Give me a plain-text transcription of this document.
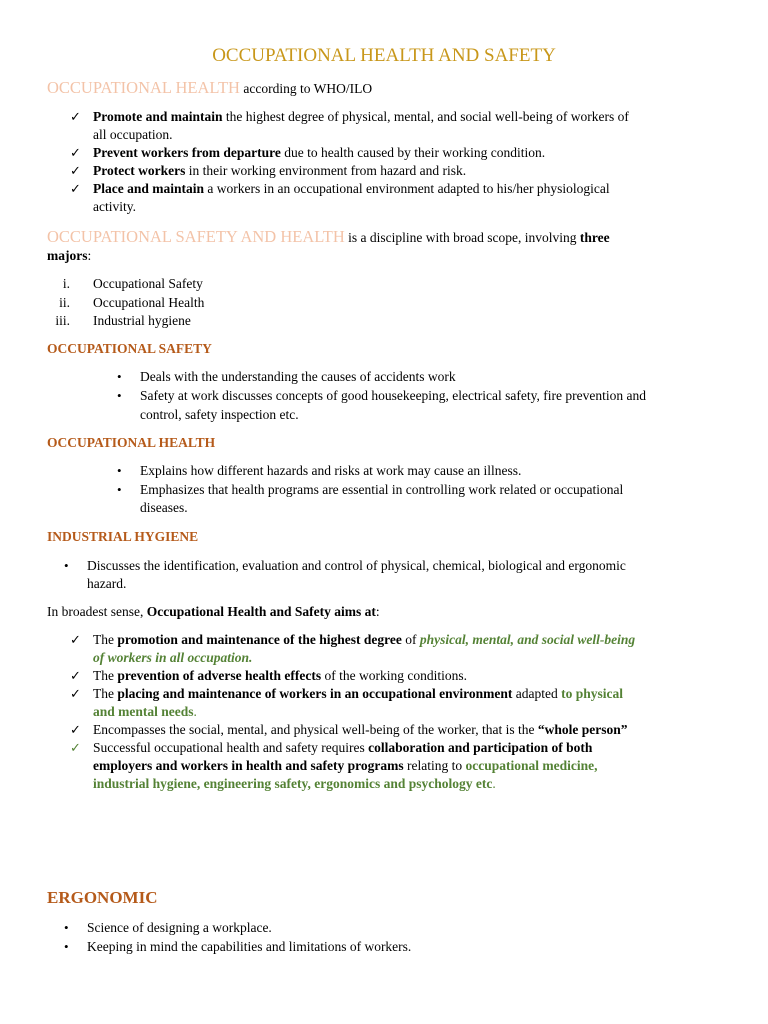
OCCUPATIONAL HEALTH AND SAFETY
OCCUPATIONAL HEALTH according to WHO/ILO
✓ Promote and maintain the highest degree of physical, mental, and social well-being of workers of
all occupation.
✓ Prevent workers from departure due to health caused by their working condition.
✓ Protect workers in their working environment from hazard and risk.
✓ Place and maintain a workers in an occupational environment adapted to his/her physiological
activity.
OCCUPATIONAL SAFETY AND HEALTH is a discipline with broad scope, involving three
majors:
i. Occupational Safety
ii. Occupational Health
iii. Industrial hygiene
OCCUPATIONAL SAFETY
• Deals with the understanding the causes of accidents work
• Safety at work discusses concepts of good housekeeping, electrical safety, fire prevention and
control, safety inspection etc.
OCCUPATIONAL HEALTH
• Explains how different hazards and risks at work may cause an illness.
• Emphasizes that health programs are essential in controlling work related or occupational
diseases.
INDUSTRIAL HYGIENE
• Discusses the identification, evaluation and control of physical, chemical, biological and ergonomic
hazard.
In broadest sense, Occupational Health and Safety aims at:
✓ The promotion and maintenance of the highest degree of physical, mental, and social well-being
of workers in all occupation.
✓ The prevention of adverse health effects of the working conditions.
✓ The placing and maintenance of workers in an occupational environment adapted to physical
and mental needs.
✓ Encompasses the social, mental, and physical well-being of the worker, that is the “whole person”
✓ Successful occupational health and safety requires collaboration and participation of both
employers and workers in health and safety programs relating to occupational medicine,
industrial hygiene, engineering safety, ergonomics and psychology etc.
ERGONOMIC
• Science of designing a workplace.
• Keeping in mind the capabilities and limitations of workers.
